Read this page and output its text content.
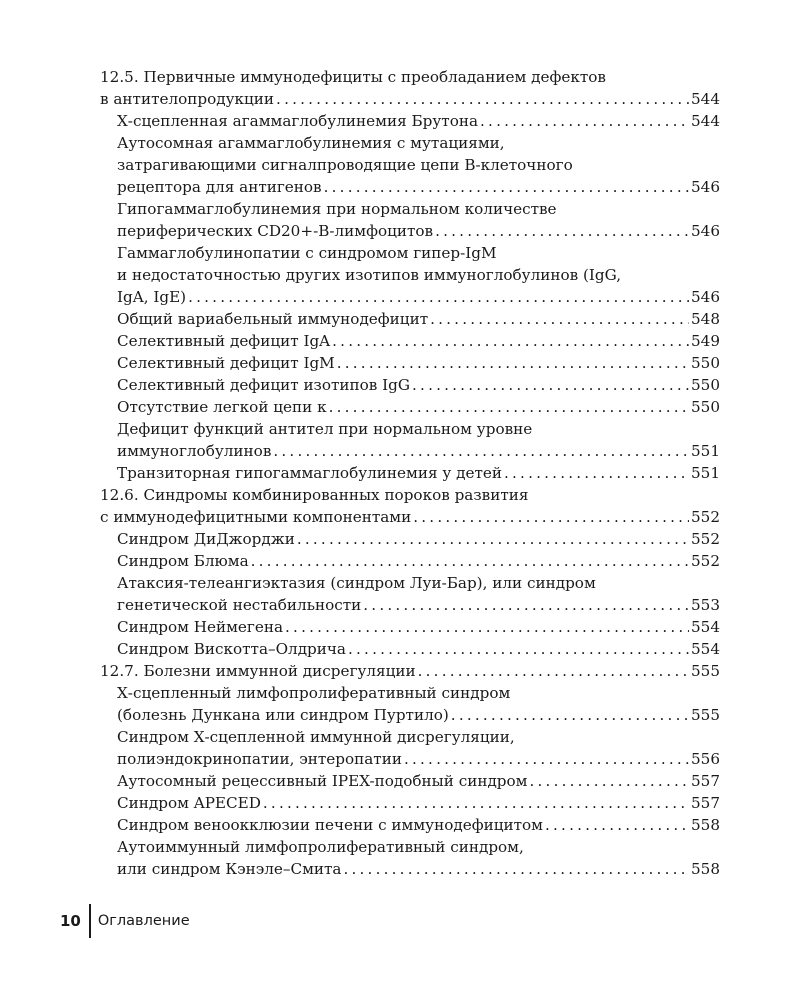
12.5. Первичные иммунодефициты с преобладанием дефектов
в антителопродукции .....	544
Х-сцепленная агаммаглобулинемия Брутона .....	544
Аутосомная агаммаглобулинемия с мутациями,
затрагивающими сигналпроводящие цепи В-клеточного
рецептора для антигенов .....	546
Гипогаммаглобулинемия при нормальном количестве
периферических CD20+-В-лимфоцитов .....	546
Гаммаглобулинопатии с синдромом гипер-IgM
и недостаточностью других изотипов иммуноглобулинов (IgG,
IgA, IgE) .....	546
Общий вариабельный иммунодефицит .....	548
Селективный дефицит IgA .....	549
Селективный дефицит IgM .....	550
Селективный дефицит изотипов IgG .....	550
Отсутствие легкой цепи κ .....	550
Дефицит функций антител при нормальном уровне
иммуноглобулинов .....	551
Транзиторная гипогаммаглобулинемия у детей .....	551
12.6. Синдромы комбинированных пороков развития
с иммунодефицитными компонентами .....	552
Синдром ДиДжорджи .....	552
Синдром Блюма .....	552
Атаксия-телеангиэктазия (синдром Луи-Бар), или синдром
генетической нестабильности .....	553
Синдром Неймегена .....	554
Синдром Вискотта–Олдрича .....	554
12.7. Болезни иммунной дисрегуляции .....	555
Х-сцепленный лимфопролиферативный синдром
(болезнь Дункана или синдром Пуртило) .....	555
Синдром Х-сцепленной иммунной дисрегуляции,
полиэндокринопатии, энтеропатии .....	556
Аутосомный рецессивный IPEX-подобный синдром .....	557
Синдром APECED .....	557
Синдром веноокклюзии печени с иммунодефицитом .....	558
Аутоиммунный лимфопролиферативный синдром,
или синдром Кэнэле–Смита .....	558
10 Оглавление
